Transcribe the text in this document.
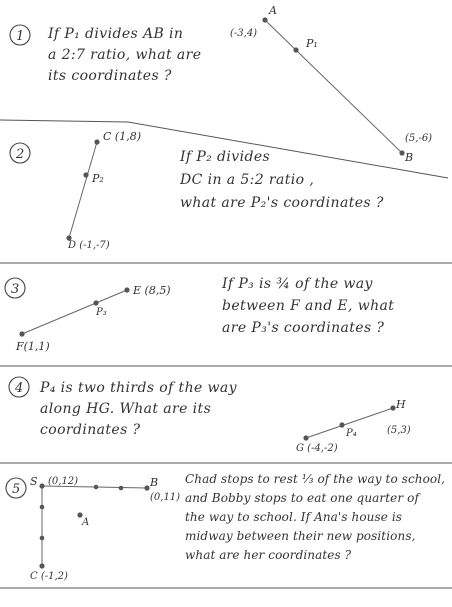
1
2
3
4
5
A
(-3,4)
P₁
B
(5,-6)
C (1,8)
P₂
D (-1,-7)
E (8,5)
P₃
F(1,1)
H
(5,3)
P₄
G (-4,-2)
S (0,12)	B
(0,11)
A
C (-1,2)
If P₁ divides AB in
a 2:7 ratio, what are
its coordinates ?
If P₂ divides
DC in a 5:2 ratio ,
what are P₂'s coordinates ?
If P₃ is ¾ of the way
between F and E, what
are P₃'s coordinates ?
P₄ is two thirds of the way
along HG. What are its
coordinates ?
Chad stops to rest ⅓ of the way to school,
and Bobby stops to eat one quarter of
the way to school. If Ana's house is
midway between their new positions,
what are her coordinates ?
